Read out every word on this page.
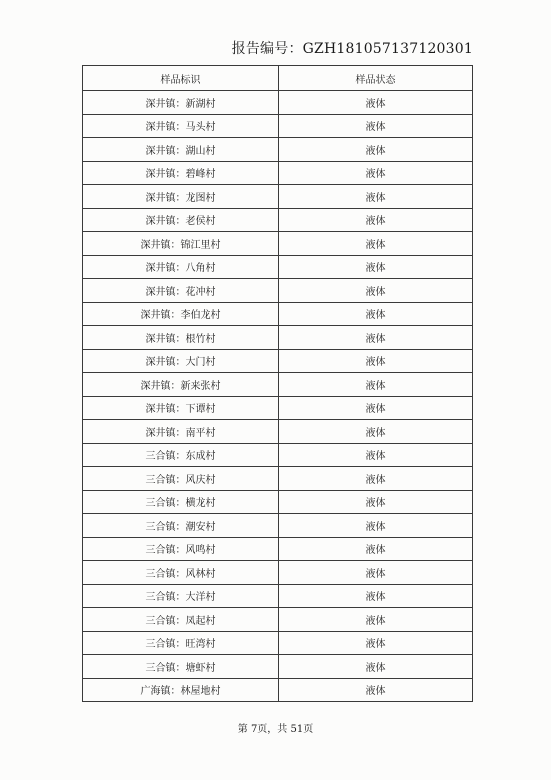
报告编号：GZH181057137120301
样品标识	样品状态
深井镇：新湖村	液体
深井镇：马头村	液体
深井镇：湖山村	液体
深井镇：碧峰村	液体
深井镇：龙图村	液体
深井镇：老侯村	液体
深井镇：锦江里村	液体
深井镇：八角村	液体
深井镇：花冲村	液体
深井镇：李伯龙村	液体
深井镇：根竹村	液体
深井镇：大门村	液体
深井镇：新来张村	液体
深井镇：下谭村	液体
深井镇：南平村	液体
三合镇：东成村	液体
三合镇：风庆村	液体
三合镇：横龙村	液体
三合镇：潮安村	液体
三合镇：风鸣村	液体
三合镇：风林村	液体
三合镇：大洋村	液体
三合镇：凤起村	液体
三合镇：旺湾村	液体
三合镇：塘虾村	液体
广海镇：林屋地村	液体
第 7页，共 51页
